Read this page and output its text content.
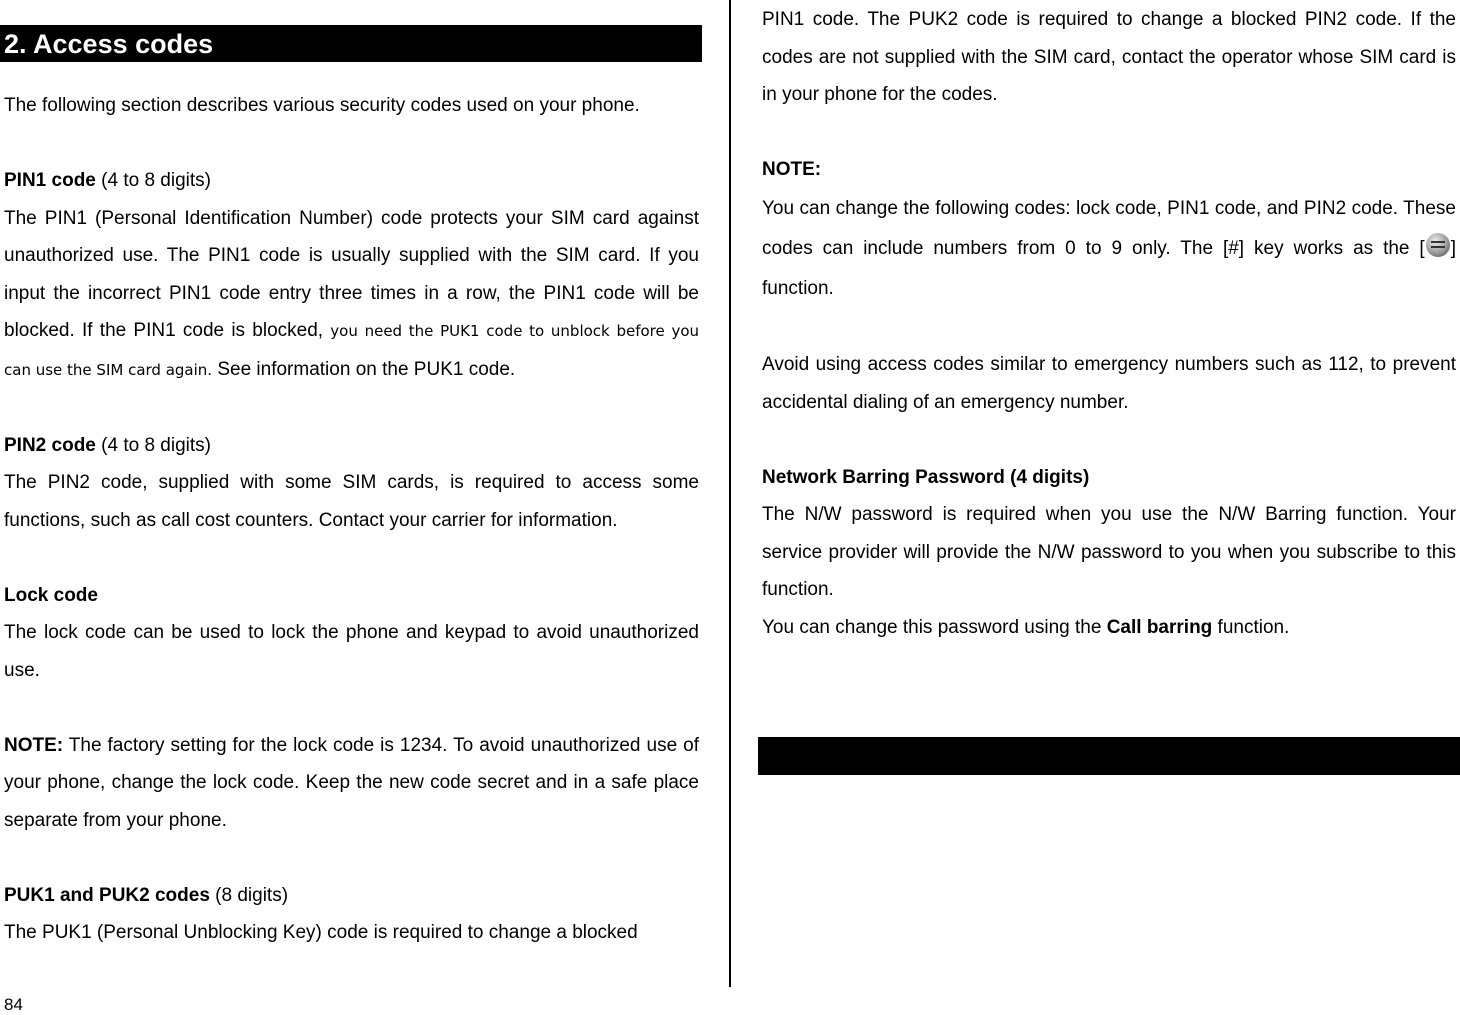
2. Access codes

The following section describes various security codes used on your phone.

PIN1 code (4 to 8 digits)

The PIN1 (Personal Identification Number) code protects your SIM card against unauthorized use. The PIN1 code is usually supplied with the SIM card. If you input the incorrect PIN1 code entry three times in a row, the PIN1 code will be blocked. If the PIN1 code is blocked, you need the PUK1 code to unblock before you can use the SIM card again. See information on the PUK1 code.

PIN2 code (4 to 8 digits)

The PIN2 code, supplied with some SIM cards, is required to access some functions, such as call cost counters. Contact your carrier for information.

Lock code

The lock code can be used to lock the phone and keypad to avoid unauthorized use.

NOTE: The factory setting for the lock code is 1234. To avoid unauthorized use of your phone, change the lock code. Keep the new code secret and in a safe place separate from your phone.

PUK1 and PUK2 codes (8 digits)

The PUK1 (Personal Unblocking Key) code is required to change a blocked

PIN1 code. The PUK2 code is required to change a blocked PIN2 code. If the codes are not supplied with the SIM card, contact the operator whose SIM card is in your phone for the codes.

NOTE:

You can change the following codes: lock code, PIN1 code, and PIN2 code. These codes can include numbers from 0 to 9 only. The [#] key works as the [ ] function.

Avoid using access codes similar to emergency numbers such as 112, to prevent accidental dialing of an emergency number.

Network Barring Password (4 digits)

The N/W password is required when you use the N/W Barring function. Your service provider will provide the N/W password to you when you subscribe to this function.

You can change this password using the Call barring function.

84
